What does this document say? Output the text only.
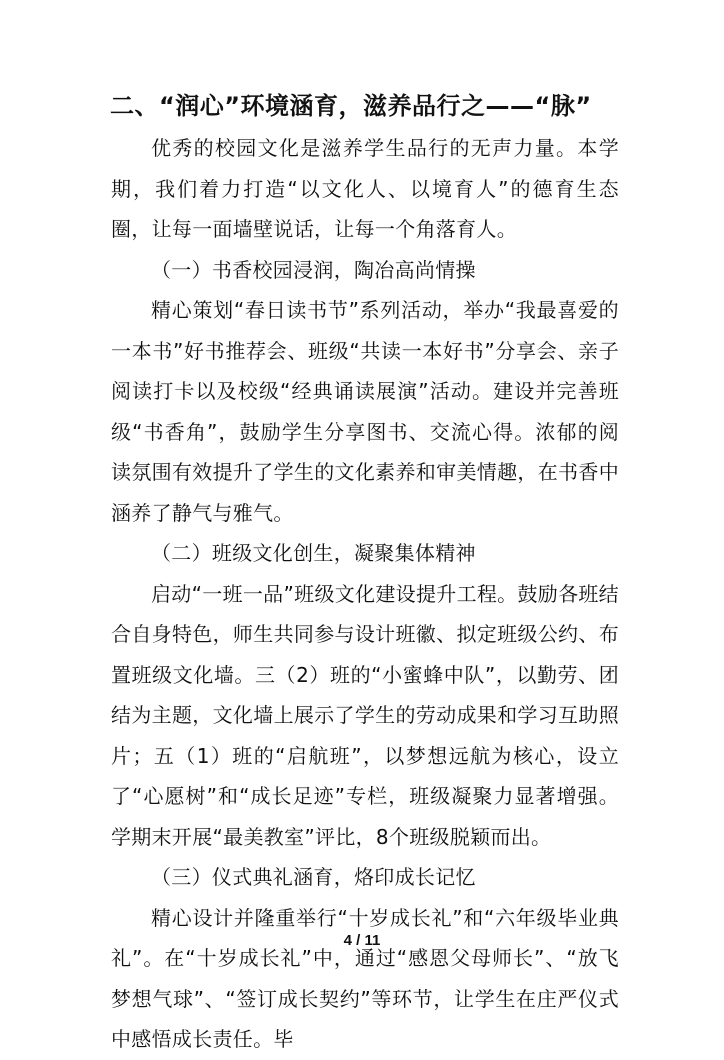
二、“润心”环境涵育，滋养品行之——“脉”

优秀的校园文化是滋养学生品行的无声力量。本学期，我们着力打造“以文化人、以境育人”的德育生态圈，让每一面墙壁说话，让每一个角落育人。

（一）书香校园浸润，陶冶高尚情操

精心策划“春日读书节”系列活动，举办“我最喜爱的一本书”好书推荐会、班级“共读一本好书”分享会、亲子阅读打卡以及校级“经典诵读展演”活动。建设并完善班级“书香角”，鼓励学生分享图书、交流心得。浓郁的阅读氛围有效提升了学生的文化素养和审美情趣，在书香中涵养了静气与雅气。

（二）班级文化创生，凝聚集体精神

启动“一班一品”班级文化建设提升工程。鼓励各班结合自身特色，师生共同参与设计班徽、拟定班级公约、布置班级文化墙。三（2）班的“小蜜蜂中队”，以勤劳、团结为主题，文化墙上展示了学生的劳动成果和学习互助照片；五（1）班的“启航班”，以梦想远航为核心，设立了“心愿树”和“成长足迹”专栏，班级凝聚力显著增强。学期末开展“最美教室”评比，8个班级脱颖而出。

（三）仪式典礼涵育，烙印成长记忆

精心设计并隆重举行“十岁成长礼”和“六年级毕业典礼”。在“十岁成长礼”中，通过“感恩父母师长”、“放飞梦想气球”、“签订成长契约”等环节，让学生在庄严仪式中感悟成长责任。毕

4 / 11
